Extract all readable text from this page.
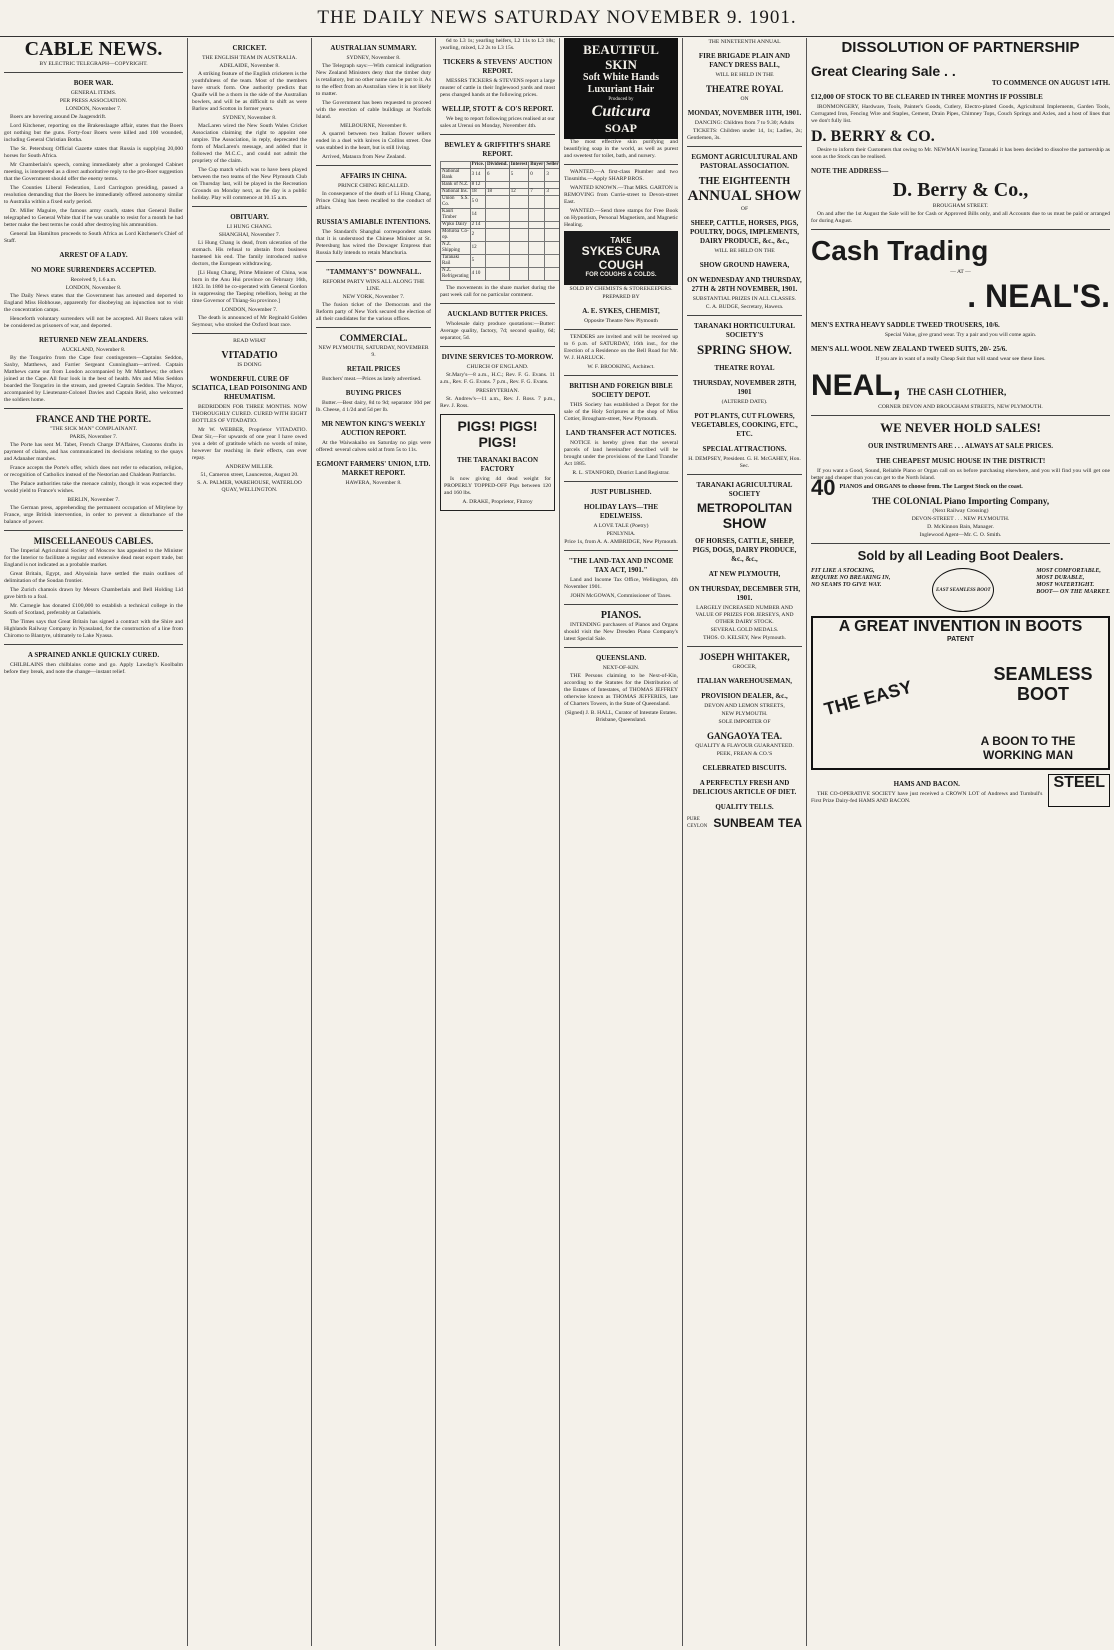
THE DAILY NEWS SATURDAY NOVEMBER 9. 1901.
CABLE NEWS.
BY ELECTRIC TELEGRAPH—COPYRIGHT.
BOER WAR.
GENERAL ITEMS.
PER PRESS ASSOCIATION.
LONDON, November 7.

Boers are hovering around De Jaagersdrift.

Lord Kitchener, reporting on the Brakenslaagte affair, states that the Boers got nothing but the guns. Forty-four Boers were killed and 100 wounded, including General Christian Botha.

The St. Petersburg Official Gazette states that Russia is supplying 20,000 horses for South Africa.

Mr Chamberlain's speech, coming immediately after a prolonged Cabinet meeting, is interpreted as a direct authoritative reply to the pro-Boer suggestion that the Government should offer the enemy terms.

The Counties Liberal Federation, Lord Carrington presiding, passed a resolution demanding that the Boers be immediately offered autonomy similar to Australia within a fixed early period.

Dr. Miller Maguire, the famous army coach, states that General Buller telegraphed to General White that if he was unable to resist for a month he had better make the best terms he could after destroying his ammunition.

General Ian Hamilton proceeds to South Africa as Lord Kitchener's Chief of Staff.

ARREST OF A LADY.
NO MORE SURRENDERS ACCEPTED.
Received 9, 1.6 a.m.
LONDON, November 8.

The Daily News states that the Government has arrested and deported to England Miss Hobhouse, apparently for disobeying an injunction not to visit the concentration camps.

Henceforth voluntary surrenders will not be accepted. All Boers taken will be considered as prisoners of war, and deported.

RETURNED NEW ZEALANDERS.
AUCKLAND, November 8.

By the Tongariro from the Cape four contingenters—Captains Seddon, Saxby, Matthews, and Farrier Sergeant Cunningham—arrived. Captain Matthews came out from London accompanied by Mr Matthews; the others joined at the Cape. All four look in the best of health. Mrs and Miss Seddon boarded the Tongariro in the stream, and greeted Captain Seddon. The Mayor, accompanied by Lieutenant-Colonel Davies and Captain Reid, also welcomed the soldiers home.

FRANCE AND THE PORTE.
"THE SICK MAN" COMPLAINANT.
PARIS, November 7.

The Porte has sent M. Tabet, French Charge D'Affaires, Customs drafts in payment of claims, and has communicated its decisions relating to the quays and Adanaher marshes.

France accepts the Porte's offer, which does not refer to education, religion, or recognition of Catholics instead of the Nestorian and Chaldean Patriarchs.

The Palace authorities take the menace calmly, though it was expected they would yield to France's wishes.

BERLIN, November 7.

The German press, apprehending the permanent occupation of Mitylene by France, urge British intervention, in order to prevent a disturbance of the balance of power.

MISCELLANEOUS CABLES.

The Imperial Agricultural Society of Moscow has appealed to the Minister for the Interior to facilitate a regular and extensive dead meat export trade, but England is not indicated as a probable market.

Great Britain, Egypt, and Abyssinia have settled the main outlines of delimitation of the Soudan frontier.

The Zurich chamois drawn by Messrs Chamberlain and Bell Holding Lid gave birth to a foal.

Mr. Carnegie has donated £100,000 to establish a technical college in the South of Scotland, preferably at Galashiels.

The Times says that Great Britain has signed a contract with the Shire and Highlands Railway Company in Nyasaland, for the construction of a line from Chiromo to Blantyre, ultimately to Lake Nyassa.

A SPRAINED ANKLE QUICKLY CURED.

CHILBLAINS then chilblains come and go. Apply Lawday's Koolbalm before they break, and note the change—instant relief.

CRICKET.
THE ENGLISH TEAM IN AUSTRALIA.
ADELAIDE, November 8.

A striking feature of the English cricketers is the youthfulness of the team. Most of the members have struck form. One authority predicts that Quaife will be a thorn in the side of the Australian bowlers, and will be as difficult to shift as were Barlow and Scotton in former years.

SYDNEY, November 8.

MacLaren wired the New South Wales Cricket Association claiming the right to appoint one umpire. The Association, in reply, deprecated the form of MacLaren's message, and added that it followed the M.C.C., and could not admit the propriety of the claim.

The Cup match which was to have been played between the two teams of the New Plymouth Club on Thursday last, will be played in the Recreation Grounds on Monday next, as the day is a public holiday. Play will commence at 10.15 a.m.

OBITUARY.
LI HUNG CHANG.
SHANGHAI, November 7.

Li Hung Chang is dead, from ulceration of the stomach. His refusal to abstain from business hastened his end. The family introduced native doctors, the European withdrawing.

[Li Hung Chang, Prime Minister of China, was born in the Anu Hui province on February 16th, 1823. In 1860 he co-operated with General Gordon in suppressing the Taeping rebellion, being at the time Governor of Thiang-Su province.]

LONDON, November 7.

The death is announced of Mr Reginald Golden Seymour, who stroked the Oxford boat race.

READ WHAT
VITADATIO
IS DOING
WONDERFUL CURE OF SCIATICA, LEAD POISONING AND RHEUMATISM.

BEDRIDDEN FOR THREE MONTHS. NOW THOROUGHLY CURED. CURED WITH EIGHT BOTTLES OF VITADATIO.

Mr W. WEBBER, Proprietor VITADATIO. Dear Sir,—For upwards of one year I have owed you a debt of gratitude which no words of mine, however far reaching in their effects, can ever repay.

ANDREW MILLER.
51, Cameron street, Launceston, August 20.
S. A. PALMER, WAREHOUSE, WATERLOO QUAY, WELLINGTON.
AUSTRALIAN SUMMARY.
SYDNEY, November 8.

The Telegraph says:—With cumical indignation New Zealand Ministers deny that the timber duty is retaliatory, but no other name can be put to it. As to the effect from an Australian view it is not likely to matter.

The Government has been requested to proceed with the erection of cable buildings at Norfolk Island.

MELBOURNE, November 8.

A quarrel between two Italian flower sellers ended in a duel with knives in Collins street. One was stabbed in the heart, but is still living.

Arrived, Mataura from New Zealand.

AFFAIRS IN CHINA.
PRINCE CHING RECALLED.

In consequence of the death of Li Hung Chang, Prince Ching has been recalled to the conduct of affairs.

RUSSIA'S AMIABLE INTENTIONS.

The Standard's Shanghai correspondent states that it is understood the Chinese Minister at St. Petersburg has wired the Dowager Empress that Russia fully intends to retain Manchuria.

"TAMMANY'S" DOWNFALL.
REFORM PARTY WINS ALL ALONG THE LINE.
NEW YORK, November 7.

The fusion ticket of the Democrats and the Reform party of New York secured the election of all their candidates for the various offices.

COMMERCIAL.
NEW PLYMOUTH, SATURDAY, NOVEMBER 9.
RETAIL PRICES

Butchers' meat.—Prices as lately advertised.

BUYING PRICES

Butter.—Best dairy, 8d to 9d; separator 10d per lb. Cheese, 4 1/2d and 5d per lb.

MR NEWTON KING'S WEEKLY AUCTION REPORT.

At the Waiwakaiho on Saturday no pigs were offered: several calves sold at from 5s to 11s.

EGMONT FARMERS' UNION, LTD. MARKET REPORT.
HAWERA, November 8.

6d to L3 1s; yearling heifers, L2 11s to L3 18s; yearling, mixed, L2 2s to L3 15s.

TICKERS & STEVENS' AUCTION REPORT.

MESSRS TICKERS & STEVENS report a large muster of cattle in their Inglewood yards and most pens changed hands at the following prices.

WELLIP, STOTT & CO'S REPORT.

We beg to report following prices realised at our sales at Urenui on Monday, November 4th.

BEWLEY & GRIFFITH'S SHARE REPORT.
	Price.	Dividend.	Interest	Buyer	Seller
National Bank	3 14	6	5	0	3
Bank of N.Z.	8 12				
National Ins.	18	18	12	7	3
Union S.S. Co.	5 0				
Kauri Timber	14				
Wpko Dairy	2 14				
Moturoa Co-op.	2				
N.Z. Shipping	12				
Taranaki Rail	5				
N.Z. Refrigerating	4 10				

The movements in the share market during the past week call for no particular comment.

AUCKLAND BUTTER PRICES.

Wholesale dairy produce quotations:—Butter: Average quality, factory, 7d; second quality, 6d; separator, 5d.

DIVINE SERVICES TO-MORROW.
CHURCH OF ENGLAND.

St.Mary's—8 a.m., H.C.; Rev. F. G. Evans. 11 a.m., Rev. F. G. Evans. 7 p.m., Rev. F. G. Evans.

PRESBYTERIAN.

St. Andrew's—11 a.m., Rev. J. Ross. 7 p.m., Rev. J. Ross.

PIGS! PIGS! PIGS!
THE TARANAKI BACON FACTORY

Is now giving 4d dead weight for PROPERLY TOPPED-OFF Pigs between 120 and 160 lbs.

A. DRAKE, Proprietor, Fitzroy
BEAUTIFUL SKIN
Soft White Hands
Luxuriant Hair
Produced by
Cuticura
SOAP

The most effective skin purifying and beautifying soap in the world, as well as purest and sweetest for toilet, bath, and nursery.

WANTED.—A first-class Plumber and two Tinsmiths.—Apply SHARP BROS.

WANTED KNOWN.—That MRS. GARTON is REMOVING from Currie-street to Devon-street East.

WANTED.—Send three stamps for Free Book on Hypnotism, Personal Magnetism, and Magnetic Healing.

TAKE
SYKES CURA COUGH
FOR COUGHS & COLDS.
SOLD BY CHEMISTS & STOREKEEPERS.
PREPARED BY
A. E. SYKES, CHEMIST,
Opposite Theatre New Plymouth

TENDERS are invited and will be received up to 6 p.m. of SATURDAY, 16th inst., for the Erection of a Residence on the Bell Road for Mr. W. J. HARLUCK.

W. F. BROOKING, Architect.
BRITISH AND FOREIGN BIBLE SOCIETY DEPOT.

THIS Society has established a Depot for the sale of the Holy Scriptures at the shop of Miss Cottier, Brougham-street, New Plymouth.

LAND TRANSFER ACT NOTICES.

NOTICE is hereby given that the several parcels of land hereinafter described will be brought under the provisions of the Land Transfer Act 1885.

R. L. STANFORD, District Land Registrar.
JUST PUBLISHED.
HOLIDAY LAYS—THE EDELWEISS.
A LOVE TALE (Poetry)
PENLYNIA.
Price 1s, from A. A. AMBRIDGE, New Plymouth.
"THE LAND-TAX AND INCOME TAX ACT, 1901."

Land and Income Tax Office, Wellington, 4th November 1901.

JOHN McGOWAN, Commissioner of Taxes.
PIANOS.

INTENDING purchasers of Pianos and Organs should visit the New Dresden Piano Company's latest Special Sale.

QUEENSLAND.
NEXT-OF-KIN.

THE Persons claiming to be Next-of-Kin, according to the Statutes for the Distribution of the Estates of Intestates, of THOMAS JEFFREY otherwise known as THOMAS JEFFERIES, late of Charters Towers, in the State of Queensland.

(Signed) J. B. HALL, Curator of Intestate Estates. Brisbane, Queensland.
THE NINETEENTH ANNUAL
FIRE BRIGADE PLAIN AND FANCY DRESS BALL,
WILL BE HELD IN THE
THEATRE ROYAL
ON
MONDAY, NOVEMBER 11TH, 1901.
DANCING: Children from 7 to 9.30; Adults

TICKETS: Children under 14, 1s; Ladies, 2s; Gentlemen, 3s.

EGMONT AGRICULTURAL AND PASTORAL ASSOCIATION.
THE EIGHTEENTH
ANNUAL SHOW
OF
SHEEP, CATTLE, HORSES, PIGS, POULTRY, DOGS, IMPLEMENTS, DAIRY PRODUCE, &c., &c.,
WILL BE HELD ON THE
SHOW GROUND HAWERA,
ON WEDNESDAY AND THURSDAY, 27TH & 28TH NOVEMBER, 1901.
SUBSTANTIAL PRIZES IN ALL CLASSES.
C. A. BUDGE, Secretary, Hawera.
TARANAKI HORTICULTURAL SOCIETY'S
SPRING SHOW.
THEATRE ROYAL
THURSDAY, NOVEMBER 28TH, 1901
(ALTERED DATE).
POT PLANTS, CUT FLOWERS, VEGETABLES, COOKING, ETC., ETC.
SPECIAL ATTRACTIONS.
H. DEMPSEY, President. G. H. McGAHEY, Hon. Sec.
TARANAKI AGRICULTURAL SOCIETY
METROPOLITAN
SHOW
OF HORSES, CATTLE, SHEEP, PIGS, DOGS, DAIRY PRODUCE, &c., &c.,
AT NEW PLYMOUTH,
ON THURSDAY, DECEMBER 5TH, 1901.
LARGELY INCREASED NUMBER AND VALUE OF PRIZES FOR JERSEYS, AND OTHER DAIRY STOCK.
SEVERAL GOLD MEDALS.
THOS. O. KELSEY, New Plymouth.
JOSEPH WHITAKER,
GROCER,
ITALIAN WAREHOUSEMAN,
PROVISION DEALER, &c.,
DEVON AND LEMON STREETS,
NEW PLYMOUTH.
SOLE IMPORTER OF
GANGAOYA TEA.
QUALITY & FLAVOUR GUARANTEED.
PEEK, FREAN & CO.'S
CELEBRATED BISCUITS.
A PERFECTLY FRESH AND DELICIOUS ARTICLE OF DIET.
QUALITY TELLS.
PURE CEYLON SUNBEAM TEA
DISSOLUTION OF PARTNERSHIP
Great Clearing Sale . .
TO COMMENCE ON AUGUST 14TH.
£12,000 OF STOCK TO BE CLEARED IN THREE MONTHS IF POSSIBLE

IRONMONGERY, Hardware, Tools, Painter's Goods, Cutlery, Electro-plated Goods, Agricultural Implements, Garden Tools, Corrugated Iron, Fencing Wire and Staples, Cement, Drain Pipes, Chimney Tops, Couch Springs and Axles, and a host of lines that we don't fully list.

D. BERRY & CO.

Desire to inform their Customers that owing to Mr. NEWMAN leaving Taranaki it has been decided to dissolve the partnership as soon as the Stock can be realised.

NOTE THE ADDRESS—
D. Berry & Co.,
BROUGHAM STREET.

On and after the 1st August the Sale will be for Cash or Approved Bills only, and all Accounts due to us must be paid or arranged for during August.

Cash Trading
— AT —
. NEAL'S.
MEN'S EXTRA HEAVY SADDLE TWEED TROUSERS, 10/6.
Special Value, give grand wear. Try a pair and you will come again.
MEN'S ALL WOOL NEW ZEALAND TWEED SUITS, 20/- 25/6.
If you are in want of a really Cheap Suit that will stand wear see these lines.
NEAL, THE CASH CLOTHIER,
CORNER DEVON AND BROUGHAM STREETS, NEW PLYMOUTH.
WE NEVER HOLD SALES!
OUR INSTRUMENTS ARE . . . ALWAYS AT SALE PRICES.
THE CHEAPEST MUSIC HOUSE IN THE DISTRICT!

If you want a Good, Sound, Reliable Piano or Organ call on us before purchasing elsewhere, and you will find you will get one better and cheaper than you can get to the North Island.

40 PIANOS and ORGANS to choose from. The Largest Stock on the coast.
THE COLONIAL Piano Importing Company,
(Next Railway Crossing)
DEVON-STREET . . . NEW PLYMOUTH.
D. McKinnon Bain, Manager.
Inglewood Agent—Mr. C. O. Smith.
Sold by all Leading Boot Dealers.
FIT LIKE A STOCKING,
REQUIRE NO BREAKING IN,
NO SEAMS TO GIVE WAY.
EAST SEAMLESS BOOT
MOST COMFORTABLE,
MOST DURABLE,
MOST WATERTIGHT.
BOOT— ON THE MARKET.
A GREAT INVENTION IN BOOTS
PATENT
SEAMLESS BOOT
THE EASY
A BOON TO THE WORKING MAN
HAMS AND BACON.

THE CO-OPERATIVE SOCIETY have just received a CROWN LOT of Andrews and Turnbull's First Prize Dairy-fed HAMS AND BACON.

STEEL
